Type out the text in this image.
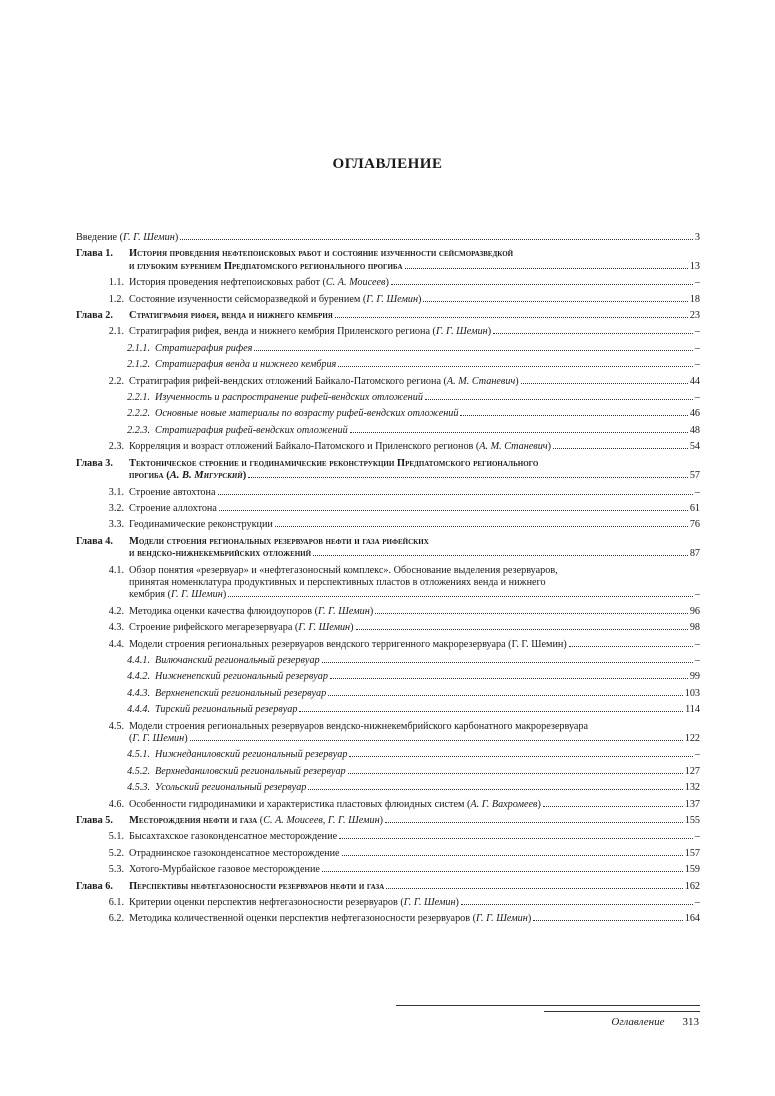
ОГЛАВЛЕНИЕ
Введение (Г. Г. Шемин)	3
Глава 1.	История проведения нефтепоисковых работ и состояние изученности сейсморазведкой
и глубоким бурением Предпатомского регионального прогиба	13
1.1. История проведения нефтепоисковых работ (С. А. Моисеев)	–
1.2. Состояние изученности сейсморазведкой и бурением (Г. Г. Шемин)	18
Глава 2.	Стратиграфия рифея, венда и нижнего кембрия	23
2.1. Стратиграфия рифея, венда и нижнего кембрия Приленского региона (Г. Г. Шемин)	–
2.1.1. Стратиграфия рифея	–
2.1.2. Стратиграфия венда и нижнего кембрия	–
2.2. Стратиграфия рифей-вендских отложений Байкало-Патомского региона (А. М. Станевич)	44
2.2.1. Изученность и распространение рифей-вендских отложений	–
2.2.2. Основные новые материалы по возрасту рифей-вендских отложений	46
2.2.3. Стратиграфия рифей-вендских отложений	48
2.3. Корреляция и возраст отложений Байкало-Патомского и Приленского регионов (А. М. Станевич)	54
Глава 3.	Тектоническое строение и геодинамические реконструкции Предпатомского регионального
прогиба (А. В. Мигурский)	57
3.1. Строение автохтона	–
3.2. Строение аллохтона	61
3.3. Геодинамические реконструкции	76
Глава 4.	Модели строения региональных резервуаров нефти и газа рифейских
и вендско-нижнекембрийских отложений	87
4.1. Обзор понятия «резервуар» и «нефтегазоносный комплекс». Обоснование выделения резервуаров,
принятая номенклатура продуктивных и перспективных пластов в отложениях венда и нижнего
кембрия (Г. Г. Шемин)	–
4.2. Методика оценки качества флюидоупоров (Г. Г. Шемин)	96
4.3. Строение рифейского мегарезервуара (Г. Г. Шемин)	98
4.4. Модели строения региональных резервуаров вендского терригенного макрорезервуара (Г. Г. Шемин)	–
4.4.1. Вилючанский региональный резервуар	–
4.4.2. Нижненепский региональный резервуар	99
4.4.3. Верхненепский региональный резервуар	103
4.4.4. Тирский региональный резервуар	114
4.5. Модели строения региональных резервуаров вендско-нижнекембрийского карбонатного макрорезервуара
(Г. Г. Шемин)	122
4.5.1. Нижнеданиловский региональный резервуар	–
4.5.2. Верхнеданиловский региональный резервуар	127
4.5.3. Усольский региональный резервуар	132
4.6. Особенности гидродинамики и характеристика пластовых флюидных систем (А. Г. Вахромеев)	137
Глава 5.	Месторождения нефти и газа (С. А. Моисеев, Г. Г. Шемин)	155
5.1. Бысахтахское газоконденсатное месторождение	–
5.2. Отраднинское газоконденсатное месторождение	157
5.3. Хотого-Мурбайское газовое месторождение	159
Глава 6.	Перспективы нефтегазоносности резервуаров нефти и газа	162
6.1. Критерии оценки перспектив нефтегазоносности резервуаров (Г. Г. Шемин)	–
6.2. Методика количественной оценки перспектив нефтегазоносности резервуаров (Г. Г. Шемин)	164
Оглавление 313
